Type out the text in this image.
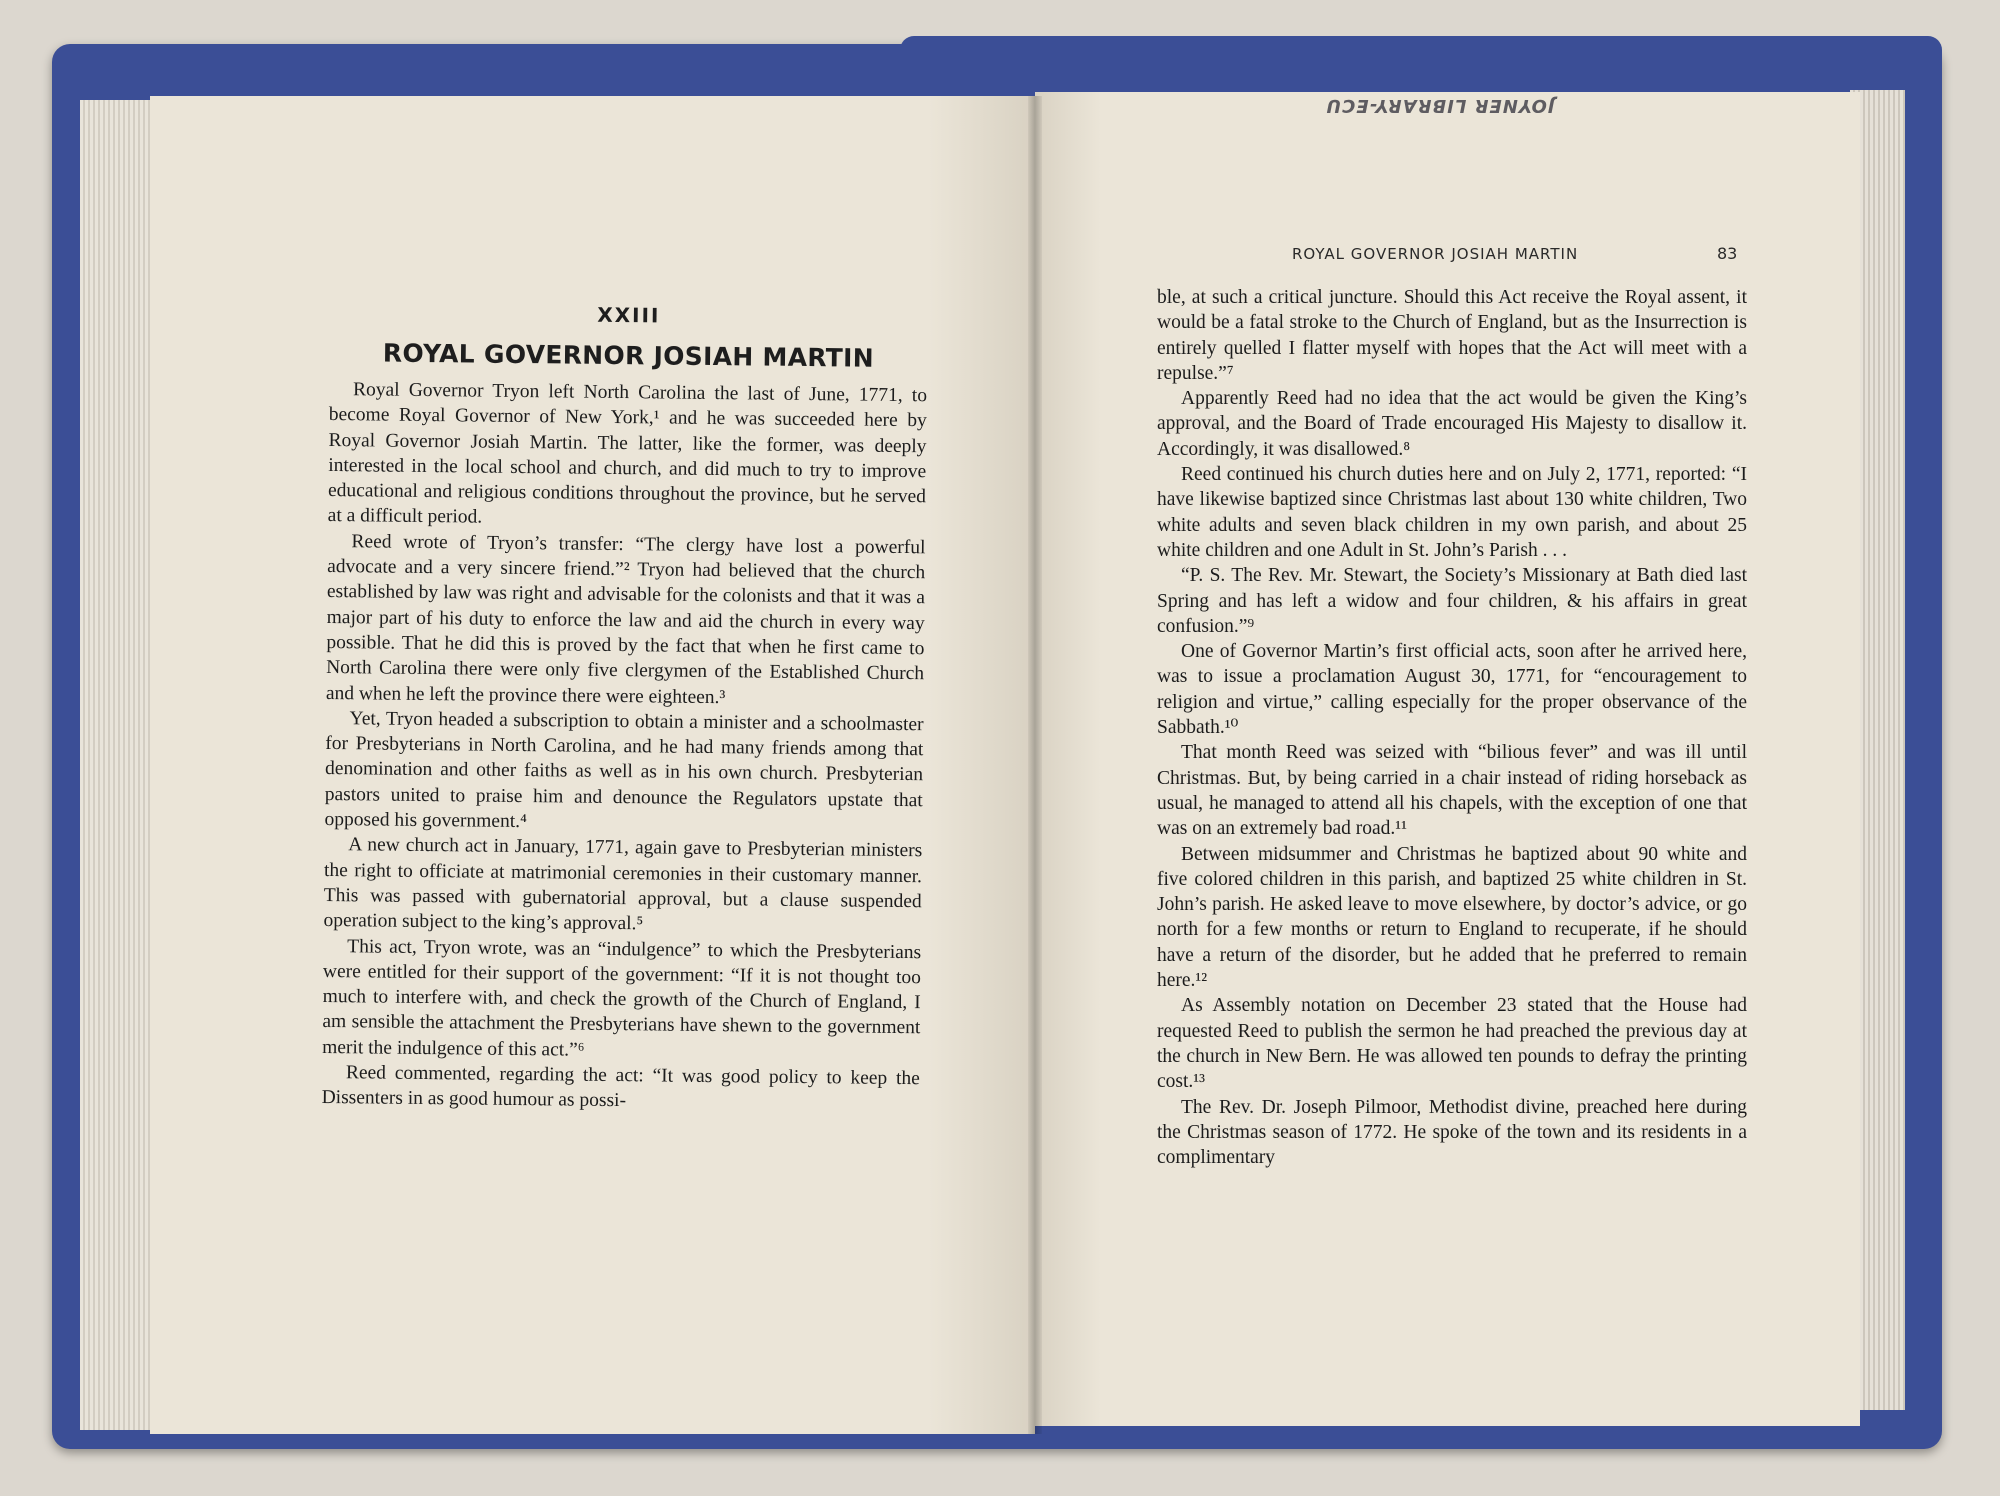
JOYNER LIBRARY-ECU
XXIII
ROYAL GOVERNOR JOSIAH MARTIN

Royal Governor Tryon left North Carolina the last of June, 1771, to become Royal Governor of New York,¹ and he was succeeded here by Royal Governor Josiah Martin. The latter, like the former, was deeply interested in the local school and church, and did much to try to improve educational and religious conditions throughout the province, but he served at a difficult period.

Reed wrote of Tryon’s transfer: “The clergy have lost a powerful advocate and a very sincere friend.”² Tryon had believed that the church established by law was right and advisable for the colonists and that it was a major part of his duty to enforce the law and aid the church in every way possible. That he did this is proved by the fact that when he first came to North Carolina there were only five clergymen of the Established Church and when he left the province there were eighteen.³

Yet, Tryon headed a subscription to obtain a minister and a schoolmaster for Presbyterians in North Carolina, and he had many friends among that denomination and other faiths as well as in his own church. Presbyterian pastors united to praise him and denounce the Regulators upstate that opposed his government.⁴

A new church act in January, 1771, again gave to Presbyterian ministers the right to officiate at matrimonial ceremonies in their customary manner. This was passed with gubernatorial approval, but a clause suspended operation subject to the king’s approval.⁵

This act, Tryon wrote, was an “indulgence” to which the Presbyterians were entitled for their support of the government: “If it is not thought too much to interfere with, and check the growth of the Church of England, I am sensible the attachment the Presbyterians have shewn to the government merit the indulgence of this act.”⁶

Reed commented, regarding the act: “It was good policy to keep the Dissenters in as good humour as possi-

ROYAL GOVERNOR JOSIAH MARTIN	83

ble, at such a critical juncture. Should this Act receive the Royal assent, it would be a fatal stroke to the Church of England, but as the Insurrection is entirely quelled I flatter myself with hopes that the Act will meet with a repulse.”⁷

Apparently Reed had no idea that the act would be given the King’s approval, and the Board of Trade encouraged His Majesty to disallow it. Accordingly, it was disallowed.⁸

Reed continued his church duties here and on July 2, 1771, reported: “I have likewise baptized since Christmas last about 130 white children, Two white adults and seven black children in my own parish, and about 25 white children and one Adult in St. John’s Parish . . .

“P. S. The Rev. Mr. Stewart, the Society’s Missionary at Bath died last Spring and has left a widow and four children, & his affairs in great confusion.”⁹

One of Governor Martin’s first official acts, soon after he arrived here, was to issue a proclamation August 30, 1771, for “encouragement to religion and virtue,” calling especially for the proper observance of the Sabbath.¹⁰

That month Reed was seized with “bilious fever” and was ill until Christmas. But, by being carried in a chair instead of riding horseback as usual, he managed to attend all his chapels, with the exception of one that was on an extremely bad road.¹¹

Between midsummer and Christmas he baptized about 90 white and five colored children in this parish, and baptized 25 white children in St. John’s parish. He asked leave to move elsewhere, by doctor’s advice, or go north for a few months or return to England to recuperate, if he should have a return of the disorder, but he added that he preferred to remain here.¹²

As Assembly notation on December 23 stated that the House had requested Reed to publish the sermon he had preached the previous day at the church in New Bern. He was allowed ten pounds to defray the printing cost.¹³

The Rev. Dr. Joseph Pilmoor, Methodist divine, preached here during the Christmas season of 1772. He spoke of the town and its residents in a complimentary
